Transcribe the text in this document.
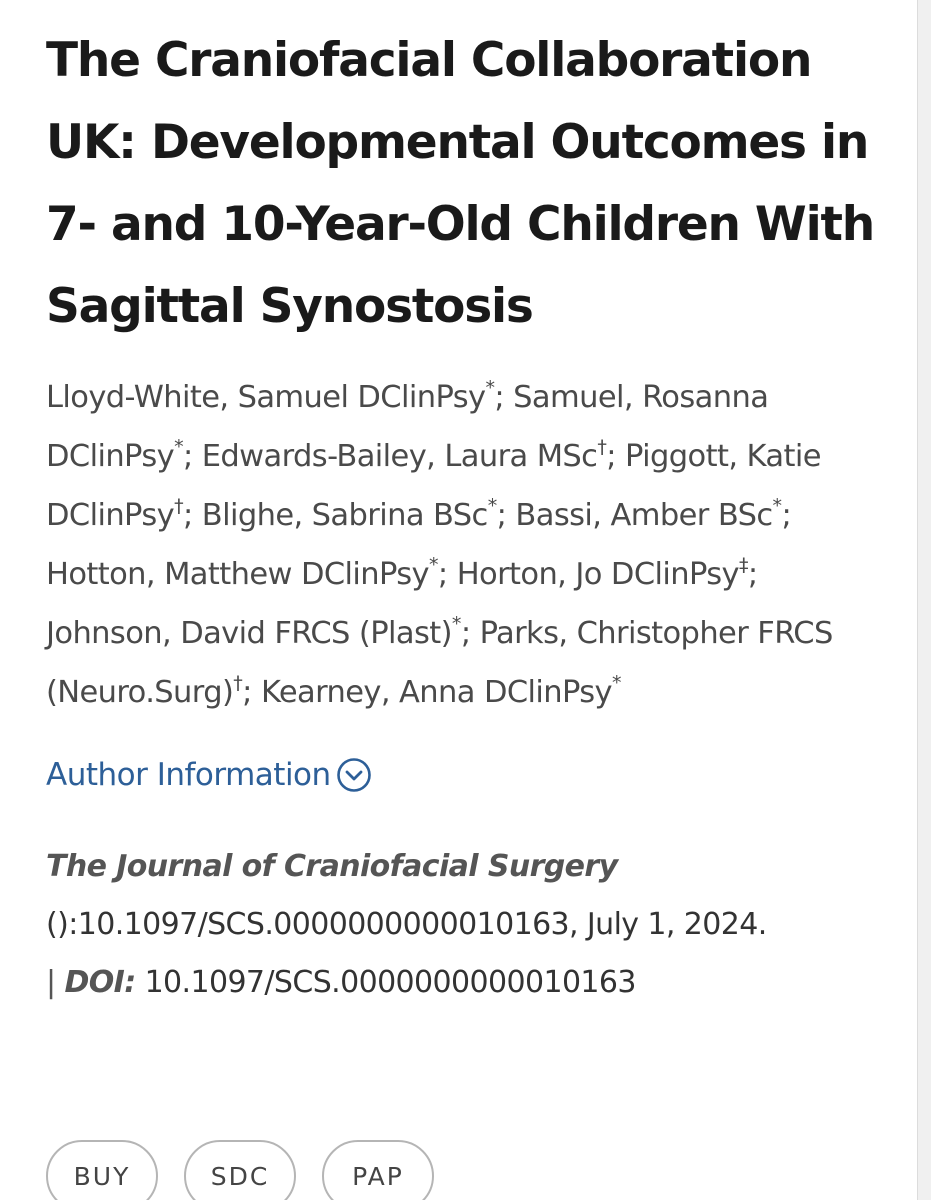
The Craniofacial Collaboration UK: Developmental Outcomes in 7- and 10-Year-Old Children With Sagittal Synostosis
Lloyd-White, Samuel DClinPsy*; Samuel, Rosanna DClinPsy*; Edwards-Bailey, Laura MSc†; Piggott, Katie DClinPsy†; Blighe, Sabrina BSc*; Bassi, Amber BSc*; Hotton, Matthew DClinPsy*; Horton, Jo DClinPsy‡; Johnson, David FRCS (Plast)*; Parks, Christopher FRCS (Neuro.Surg)†; Kearney, Anna DClinPsy*
Author Information
The Journal of Craniofacial Surgery
():10.1097/SCS.0000000000010163, July 1, 2024.
| DOI: 10.1097/SCS.0000000000010163
BUY	SDC	PAP
